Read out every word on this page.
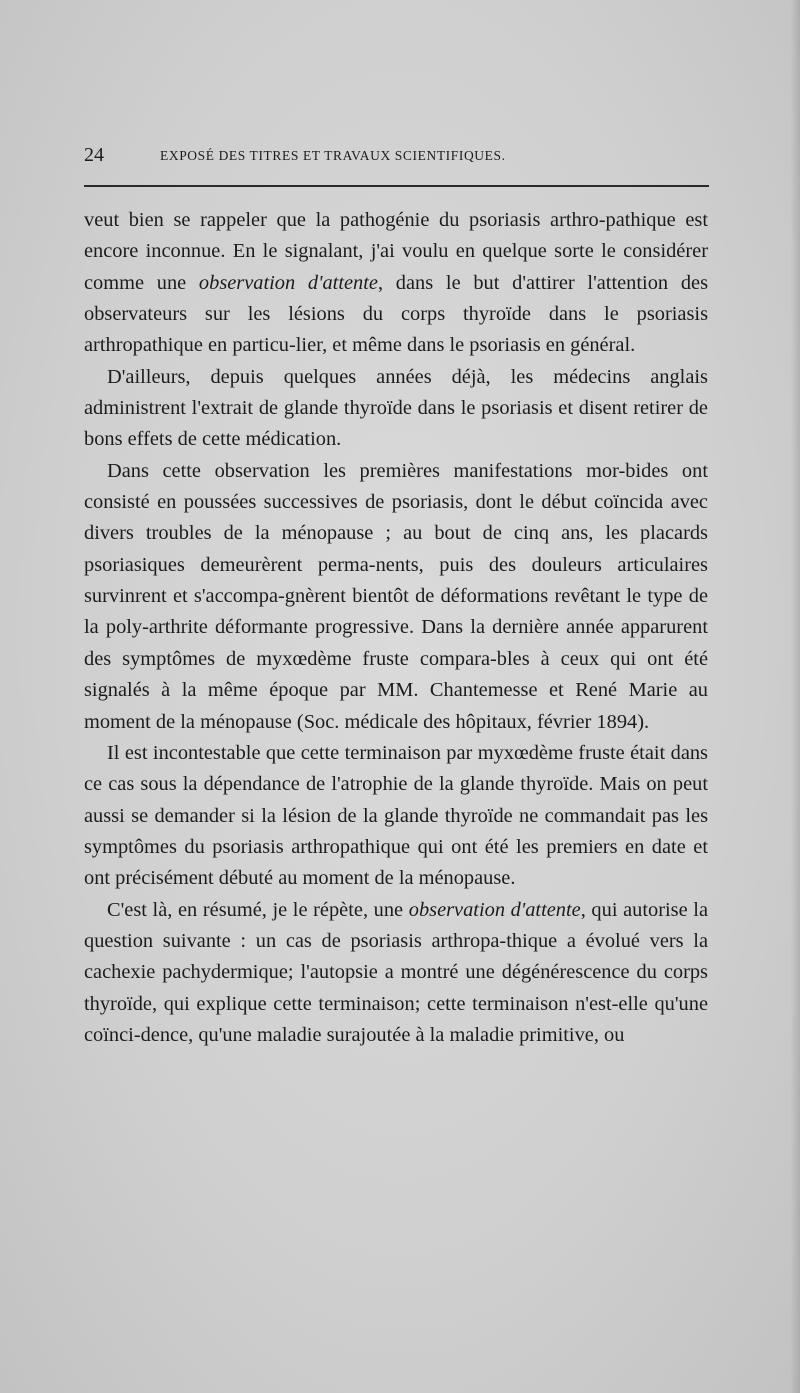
24	EXPOSÉ DES TITRES ET TRAVAUX SCIENTIFIQUES.

veut bien se rappeler que la pathogénie du psoriasis arthro-pathique est encore inconnue. En le signalant, j'ai voulu en quelque sorte le considérer comme une observation d'attente, dans le but d'attirer l'attention des observateurs sur les lésions du corps thyroïde dans le psoriasis arthropathique en particu-lier, et même dans le psoriasis en général.

D'ailleurs, depuis quelques années déjà, les médecins anglais administrent l'extrait de glande thyroïde dans le psoriasis et disent retirer de bons effets de cette médication.

Dans cette observation les premières manifestations mor-bides ont consisté en poussées successives de psoriasis, dont le début coïncida avec divers troubles de la ménopause ; au bout de cinq ans, les placards psoriasiques demeurèrent perma-nents, puis des douleurs articulaires survinrent et s'accompa-gnèrent bientôt de déformations revêtant le type de la poly-arthrite déformante progressive. Dans la dernière année apparurent des symptômes de myxœdème fruste compara-bles à ceux qui ont été signalés à la même époque par MM. Chantemesse et René Marie au moment de la ménopause (Soc. médicale des hôpitaux, février 1894).

Il est incontestable que cette terminaison par myxœdème fruste était dans ce cas sous la dépendance de l'atrophie de la glande thyroïde. Mais on peut aussi se demander si la lésion de la glande thyroïde ne commandait pas les symptômes du psoriasis arthropathique qui ont été les premiers en date et ont précisément débuté au moment de la ménopause.

C'est là, en résumé, je le répète, une observation d'attente, qui autorise la question suivante : un cas de psoriasis arthropa-thique a évolué vers la cachexie pachydermique; l'autopsie a montré une dégénérescence du corps thyroïde, qui explique cette terminaison; cette terminaison n'est-elle qu'une coïnci-dence, qu'une maladie surajoutée à la maladie primitive, ou
